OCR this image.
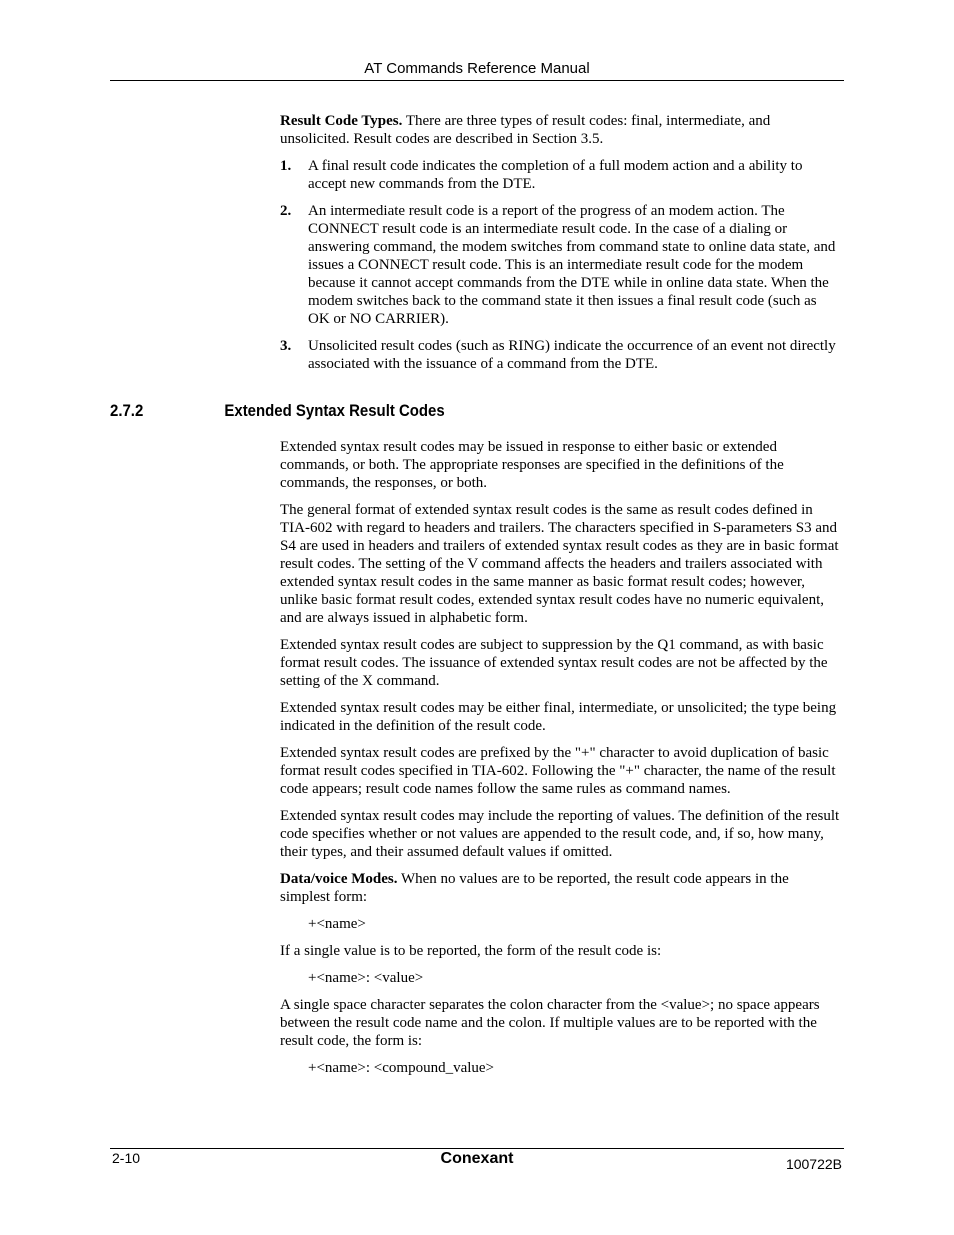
AT Commands Reference Manual

Result Code Types. There are three types of result codes: final, intermediate, and unsolicited. Result codes are described in Section 3.5.

1. A final result code indicates the completion of a full modem action and a ability to accept new commands from the DTE.
2. An intermediate result code is a report of the progress of an modem action. The CONNECT result code is an intermediate result code. In the case of a dialing or answering command, the modem switches from command state to online data state, and issues a CONNECT result code. This is an intermediate result code for the modem because it cannot accept commands from the DTE while in online data state. When the modem switches back to the command state it then issues a final result code (such as OK or NO CARRIER).
3. Unsolicited result codes (such as RING) indicate the occurrence of an event not directly associated with the issuance of a command from the DTE.
2.7.2	Extended Syntax Result Codes

Extended syntax result codes may be issued in response to either basic or extended commands, or both. The appropriate responses are specified in the definitions of the commands, the responses, or both.

The general format of extended syntax result codes is the same as result codes defined in TIA-602 with regard to headers and trailers. The characters specified in S-parameters S3 and S4 are used in headers and trailers of extended syntax result codes as they are in basic format result codes. The setting of the V command affects the headers and trailers associated with extended syntax result codes in the same manner as basic format result codes; however, unlike basic format result codes, extended syntax result codes have no numeric equivalent, and are always issued in alphabetic form.

Extended syntax result codes are subject to suppression by the Q1 command, as with basic format result codes. The issuance of extended syntax result codes are not be affected by the setting of the X command.

Extended syntax result codes may be either final, intermediate, or unsolicited; the type being indicated in the definition of the result code.

Extended syntax result codes are prefixed by the "+" character to avoid duplication of basic format result codes specified in TIA-602. Following the "+" character, the name of the result code appears; result code names follow the same rules as command names.

Extended syntax result codes may include the reporting of values. The definition of the result code specifies whether or not values are appended to the result code, and, if so, how many, their types, and their assumed default values if omitted.

Data/voice Modes. When no values are to be reported, the result code appears in the simplest form:

+<name>

If a single value is to be reported, the form of the result code is:

+<name>: <value>

A single space character separates the colon character from the <value>; no space appears between the result code name and the colon. If multiple values are to be reported with the result code, the form is:

+<name>: <compound_value>

2-10	Conexant	100722B
